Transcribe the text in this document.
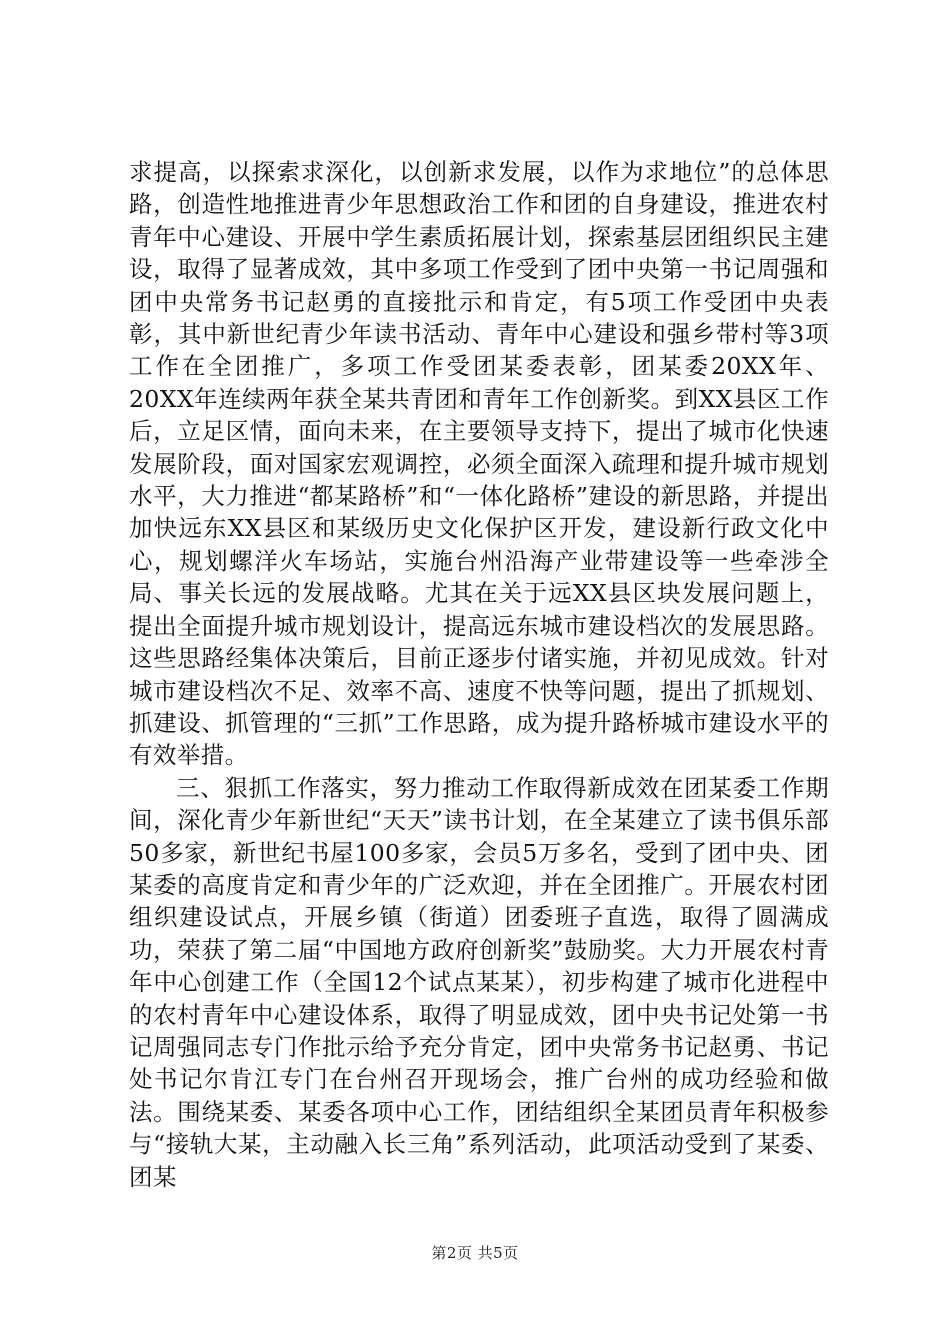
求提高，以探索求深化，以创新求发展，以作为求地位”的总体思路，创造性地推进青少年思想政治工作和团的自身建设，推进农村青年中心建设、开展中学生素质拓展计划，探索基层团组织民主建设，取得了显著成效，其中多项工作受到了团中央第一书记周强和团中央常务书记赵勇的直接批示和肯定，有5项工作受团中央表彰，其中新世纪青少年读书活动、青年中心建设和强乡带村等3项工作在全团推广，多项工作受团某委表彰，团某委20XX年、20XX年连续两年获全某共青团和青年工作创新奖。到XX县区工作后，立足区情，面向未来，在主要领导支持下，提出了城市化快速发展阶段，面对国家宏观调控，必须全面深入疏理和提升城市规划水平，大力推进“都某路桥”和“一体化路桥”建设的新思路，并提出加快远东XX县区和某级历史文化保护区开发，建设新行政文化中心，规划螺洋火车场站，实施台州沿海产业带建设等一些牵涉全局、事关长远的发展战略。尤其在关于远XX县区块发展问题上，提出全面提升城市规划设计，提高远东城市建设档次的发展思路。这些思路经集体决策后，目前正逐步付诸实施，并初见成效。针对城市建设档次不足、效率不高、速度不快等问题，提出了抓规划、抓建设、抓管理的“三抓”工作思路，成为提升路桥城市建设水平的有效举措。

三、狠抓工作落实，努力推动工作取得新成效在团某委工作期间，深化青少年新世纪“天天”读书计划，在全某建立了读书俱乐部50多家，新世纪书屋100多家，会员5万多名，受到了团中央、团某委的高度肯定和青少年的广泛欢迎，并在全团推广。开展农村团组织建设试点，开展乡镇（街道）团委班子直选，取得了圆满成功，荣获了第二届“中国地方政府创新奖”鼓励奖。大力开展农村青年中心创建工作（全国12个试点某某），初步构建了城市化进程中的农村青年中心建设体系，取得了明显成效，团中央书记处第一书记周强同志专门作批示给予充分肯定，团中央常务书记赵勇、书记处书记尔肯江专门在台州召开现场会，推广台州的成功经验和做法。围绕某委、某委各项中心工作，团结组织全某团员青年积极参与“接轨大某，主动融入长三角”系列活动，此项活动受到了某委、团某

第2页 共5页
